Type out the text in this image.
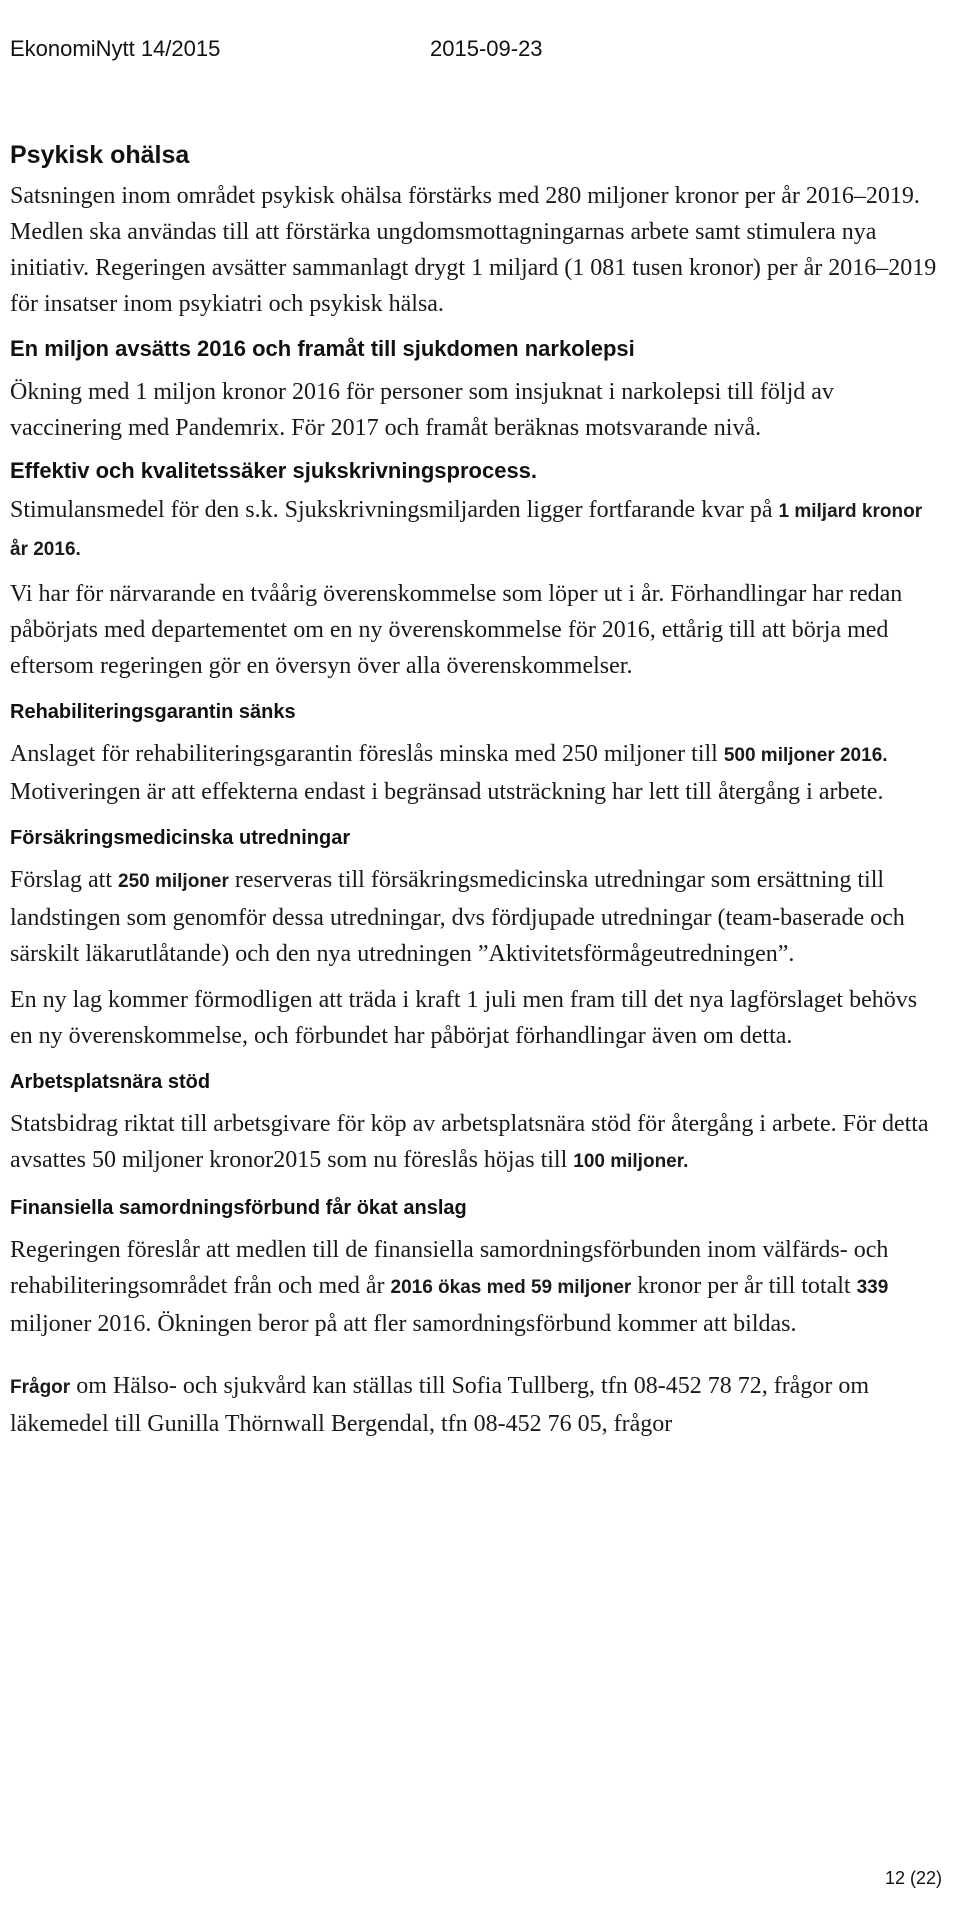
EkonomiNytt 14/2015	2015-09-23
Psykisk ohälsa

Satsningen inom området psykisk ohälsa förstärks med 280 miljoner kronor per år 2016–2019. Medlen ska användas till att förstärka ungdomsmottagningarnas arbete samt stimulera nya initiativ. Regeringen avsätter sammanlagt drygt 1 miljard (1 081 tusen kronor) per år 2016–2019 för insatser inom psykiatri och psykisk hälsa.

En miljon avsätts 2016 och framåt till sjukdomen narkolepsi

Ökning med 1 miljon kronor 2016 för personer som insjuknat i narkolepsi till följd av vaccinering med Pandemrix. För 2017 och framåt beräknas motsvarande nivå.

Effektiv och kvalitetssäker sjukskrivningsprocess.

Stimulansmedel för den s.k. Sjukskrivningsmiljarden ligger fortfarande kvar på 1 miljard kronor år 2016.

Vi har för närvarande en tvåårig överenskommelse som löper ut i år. Förhandlingar har redan påbörjats med departementet om en ny överenskommelse för 2016, ettårig till att börja med eftersom regeringen gör en översyn över alla överenskommelser.

Rehabiliteringsgarantin sänks

Anslaget för rehabiliteringsgarantin föreslås minska med 250 miljoner till 500 miljoner 2016. Motiveringen är att effekterna endast i begränsad utsträckning har lett till återgång i arbete.

Försäkringsmedicinska utredningar

Förslag att 250 miljoner reserveras till försäkringsmedicinska utredningar som ersättning till landstingen som genomför dessa utredningar, dvs fördjupade utredningar (team-baserade och särskilt läkarutlåtande) och den nya utredningen ”Aktivitetsförmågeutredningen”.

En ny lag kommer förmodligen att träda i kraft 1 juli men fram till det nya lagförslaget behövs en ny överenskommelse, och förbundet har påbörjat förhandlingar även om detta.

Arbetsplatsnära stöd

Statsbidrag riktat till arbetsgivare för köp av arbetsplatsnära stöd för återgång i arbete. För detta avsattes 50 miljoner kronor2015 som nu föreslås höjas till 100 miljoner.

Finansiella samordningsförbund får ökat anslag

Regeringen föreslår att medlen till de finansiella samordningsförbunden inom välfärds- och rehabiliteringsområdet från och med år 2016 ökas med 59 miljoner kronor per år till totalt 339 miljoner 2016. Ökningen beror på att fler samordningsförbund kommer att bildas.

Frågor om Hälso- och sjukvård kan ställas till Sofia Tullberg, tfn 08-452 78 72, frågor om läkemedel till Gunilla Thörnwall Bergendal, tfn 08-452 76 05, frågor

12 (22)
